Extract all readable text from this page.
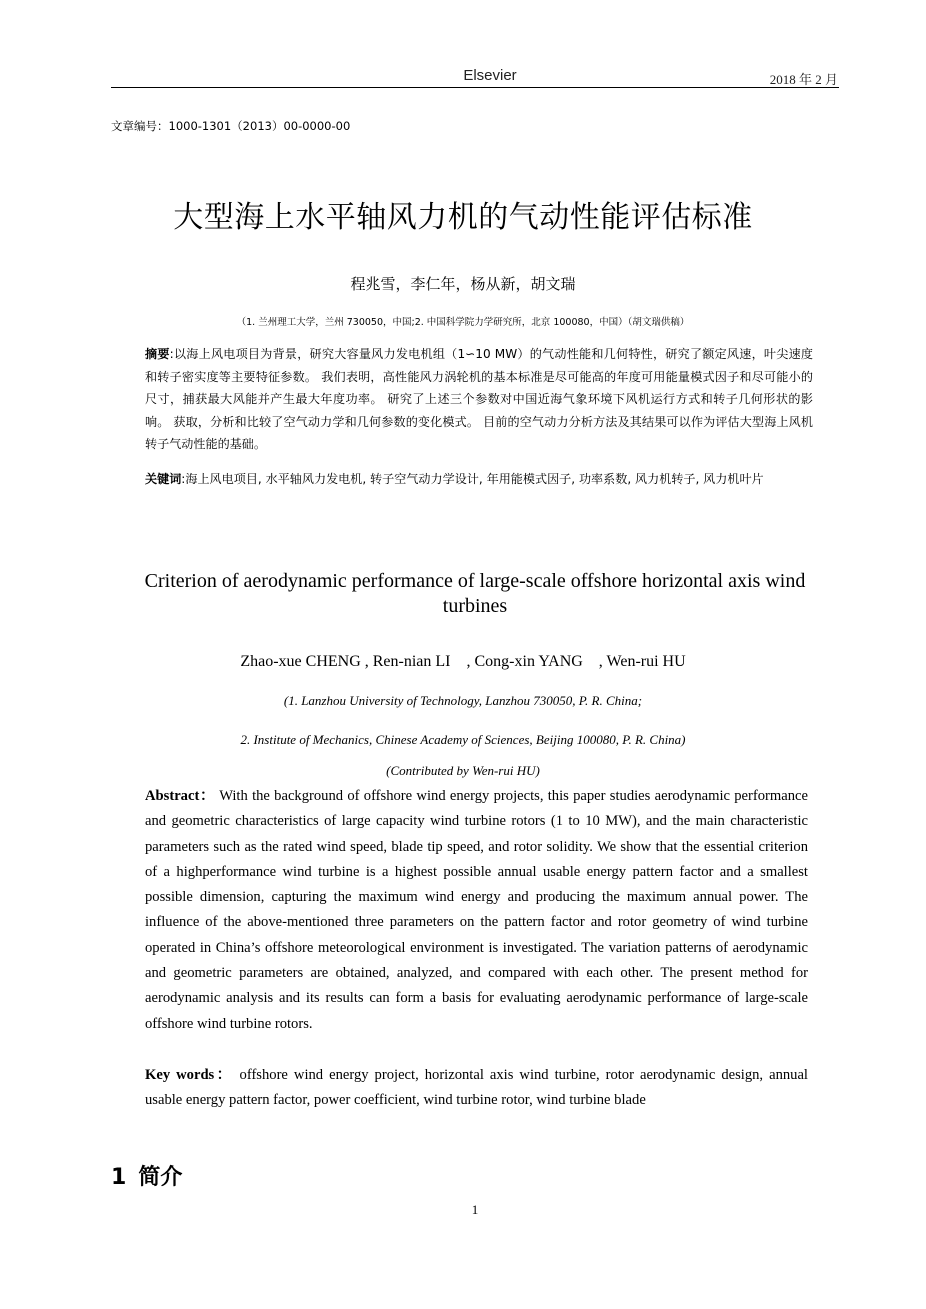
Elsevier	2018 年 2 月
文章编号：1000-1301（2013）00-0000-00
大型海上水平轴风力机的气动性能评估标准
程兆雪，李仁年，杨从新，胡文瑞
（1. 兰州理工大学，兰州 730050，中国;2. 中国科学院力学研究所，北京 100080，中国）（胡文瑞供稿）
摘要:以海上风电项目为背景，研究大容量风力发电机组（1∽10 MW）的气动性能和几何特性，研究了额定风速，叶尖速度和转子密实度等主要特征参数。 我们表明，高性能风力涡轮机的基本标准是尽可能高的年度可用能量模式因子和尽可能小的尺寸，捕获最大风能并产生最大年度功率。 研究了上述三个参数对中国近海气象环境下风机运行方式和转子几何形状的影响。 获取，分析和比较了空气动力学和几何参数的变化模式。 目前的空气动力分析方法及其结果可以作为评估大型海上风机转子气动性能的基础。
关键词:海上风电项目, 水平轴风力发电机, 转子空气动力学设计, 年用能模式因子, 功率系数, 风力机转子, 风力机叶片
Criterion of aerodynamic performance of large-scale offshore horizontal axis wind turbines
Zhao-xue CHENG , Ren-nian LI    , Cong-xin YANG    , Wen-rui HU
(1. Lanzhou University of Technology, Lanzhou 730050, P. R. China;
2. Institute of Mechanics, Chinese Academy of Sciences, Beijing 100080, P. R. China)
(Contributed by Wen-rui HU)
Abstract： With the background of offshore wind energy projects, this paper studies aerodynamic performance and geometric characteristics of large capacity wind turbine rotors (1 to 10 MW), and the main characteristic parameters such as the rated wind speed, blade tip speed, and rotor solidity. We show that the essential criterion of a highperformance wind turbine is a highest possible annual usable energy pattern factor and a smallest possible dimension, capturing the maximum wind energy and producing the maximum annual power. The influence of the above-mentioned three parameters on the pattern factor and rotor geometry of wind turbine operated in China’s offshore meteorological environment is investigated. The variation patterns of aerodynamic and geometric parameters are obtained, analyzed, and compared with each other. The present method for aerodynamic analysis and its results can form a basis for evaluating aerodynamic performance of large-scale offshore wind turbine rotors.
Key words： offshore wind energy project, horizontal axis wind turbine, rotor aerodynamic design, annual usable energy pattern factor, power coefficient, wind turbine rotor, wind turbine blade
1 简介
1
